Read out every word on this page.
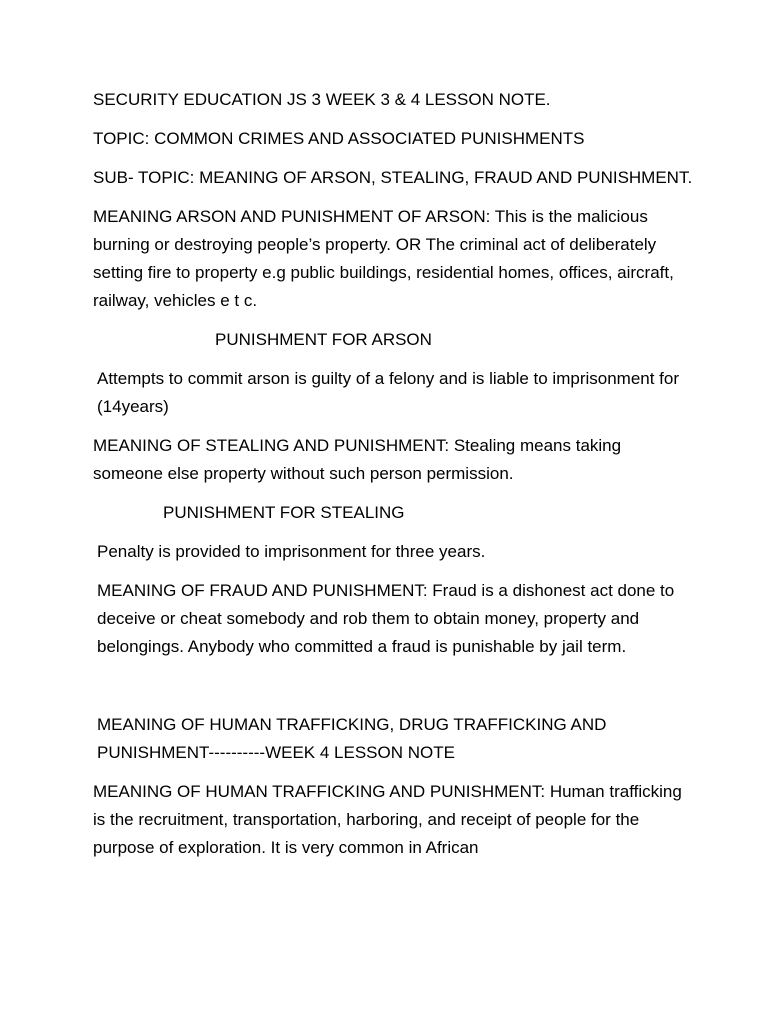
SECURITY EDUCATION JS 3 WEEK 3 & 4 LESSON NOTE.

TOPIC: COMMON CRIMES AND ASSOCIATED PUNISHMENTS

SUB- TOPIC: MEANING OF ARSON, STEALING, FRAUD AND PUNISHMENT.

MEANING ARSON AND PUNISHMENT OF ARSON: This is the malicious burning or destroying people’s property. OR The criminal act of deliberately setting fire to property e.g public buildings, residential homes, offices, aircraft, railway, vehicles e t c.

PUNISHMENT FOR ARSON

Attempts to commit arson is guilty of a felony and is liable to imprisonment for (14years)

MEANING OF STEALING AND PUNISHMENT: Stealing means taking someone else property without such person permission.

PUNISHMENT FOR STEALING

Penalty is provided to imprisonment for three years.

MEANING OF FRAUD AND PUNISHMENT: Fraud is a dishonest act done to deceive or cheat somebody and rob them to obtain money, property and belongings. Anybody who committed a fraud is punishable by jail term.

MEANING OF HUMAN TRAFFICKING, DRUG TRAFFICKING AND PUNISHMENT----------WEEK 4 LESSON NOTE

MEANING OF HUMAN TRAFFICKING AND PUNISHMENT: Human trafficking is the recruitment, transportation, harboring, and receipt of people for the purpose of exploration. It is very common in African
